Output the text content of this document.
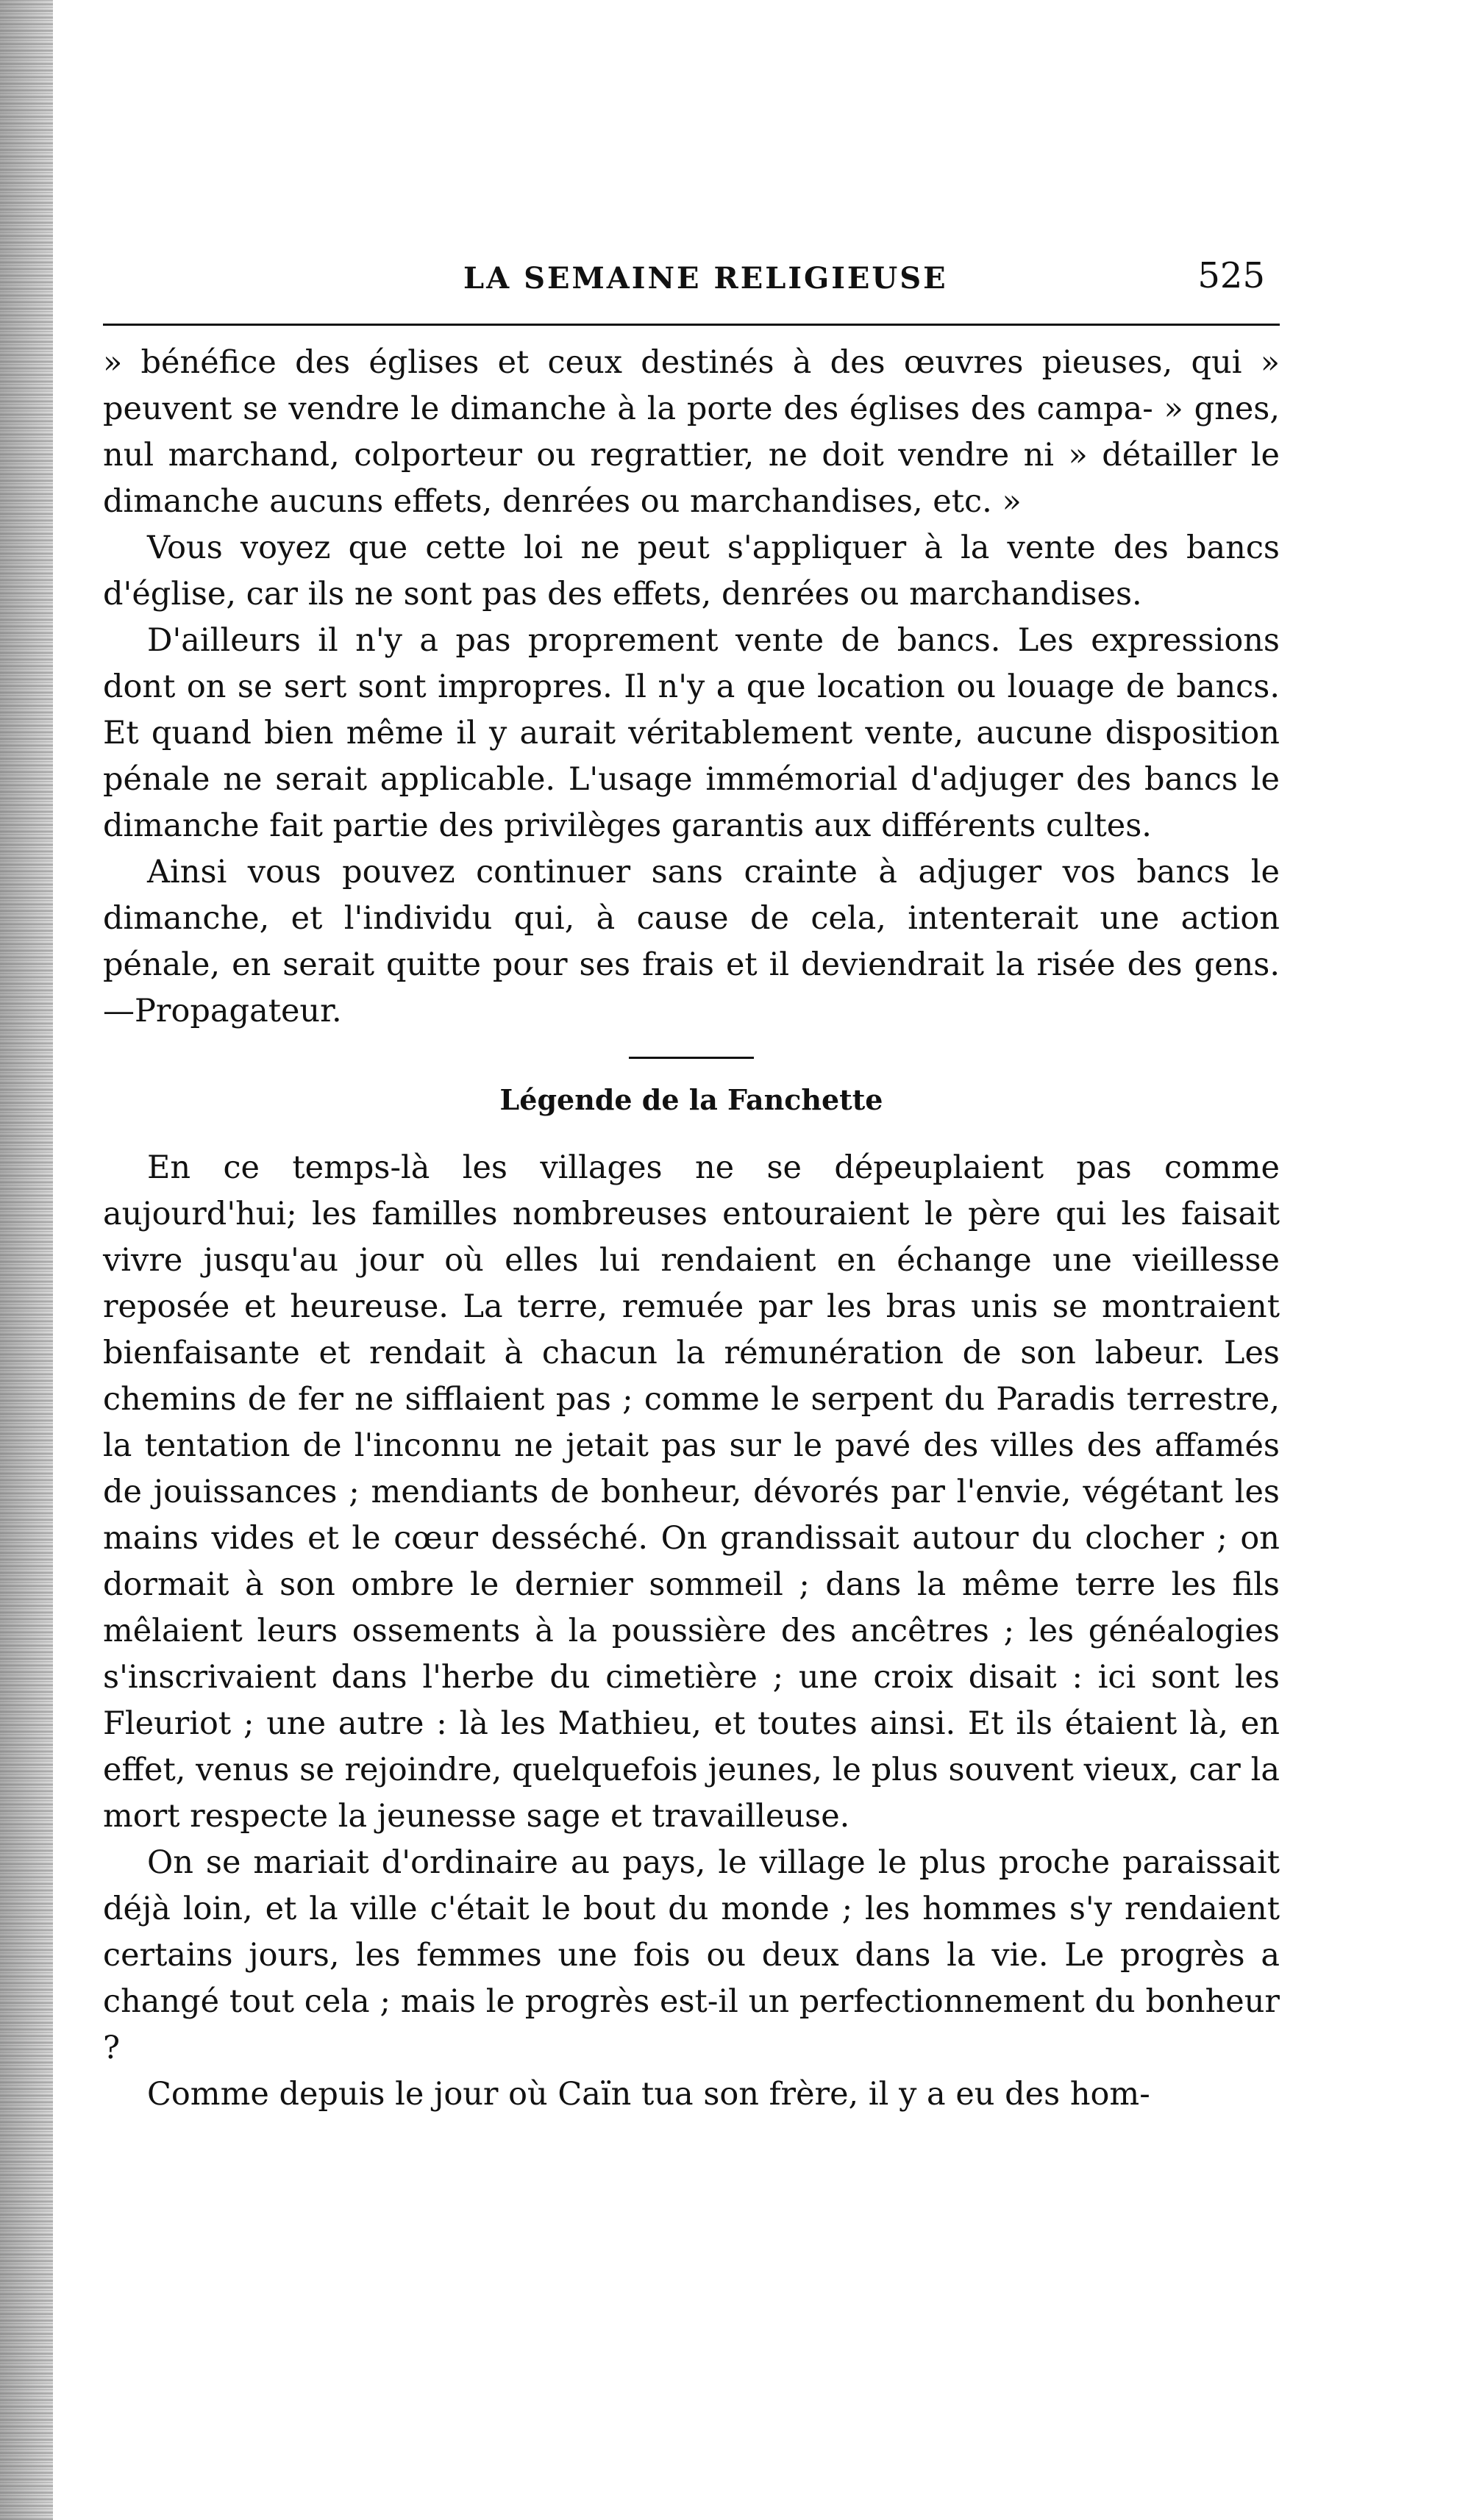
LA SEMAINE RELIGIEUSE	525

» bénéfice des églises et ceux destinés à des œuvres pieuses, qui » peuvent se vendre le dimanche à la porte des églises des campa- » gnes, nul marchand, colporteur ou regrattier, ne doit vendre ni » détailler le dimanche aucuns effets, denrées ou marchandises, etc. »

Vous voyez que cette loi ne peut s'appliquer à la vente des bancs d'église, car ils ne sont pas des effets, denrées ou marchandises.

D'ailleurs il n'y a pas proprement vente de bancs. Les expressions dont on se sert sont impropres. Il n'y a que location ou louage de bancs. Et quand bien même il y aurait véritablement vente, aucune disposition pénale ne serait applicable. L'usage immémorial d'adjuger des bancs le dimanche fait partie des privilèges garantis aux différents cultes.

Ainsi vous pouvez continuer sans crainte à adjuger vos bancs le dimanche, et l'individu qui, à cause de cela, intenterait une action pénale, en serait quitte pour ses frais et il deviendrait la risée des gens.—Propagateur.

Légende de la Fanchette

En ce temps-là les villages ne se dépeuplaient pas comme aujourd'hui; les familles nombreuses entouraient le père qui les faisait vivre jusqu'au jour où elles lui rendaient en échange une vieillesse reposée et heureuse. La terre, remuée par les bras unis se montraient bienfaisante et rendait à chacun la rémunération de son labeur. Les chemins de fer ne sifflaient pas ; comme le serpent du Paradis terrestre, la tentation de l'inconnu ne jetait pas sur le pavé des villes des affamés de jouissances ; mendiants de bonheur, dévorés par l'envie, végétant les mains vides et le cœur desséché. On grandissait autour du clocher ; on dormait à son ombre le dernier sommeil ; dans la même terre les fils mêlaient leurs ossements à la poussière des ancêtres ; les généalogies s'inscrivaient dans l'herbe du cimetière ; une croix disait : ici sont les Fleuriot ; une autre : là les Mathieu, et toutes ainsi. Et ils étaient là, en effet, venus se rejoindre, quelquefois jeunes, le plus souvent vieux, car la mort respecte la jeunesse sage et travailleuse.

On se mariait d'ordinaire au pays, le village le plus proche paraissait déjà loin, et la ville c'était le bout du monde ; les hommes s'y rendaient certains jours, les femmes une fois ou deux dans la vie. Le progrès a changé tout cela ; mais le progrès est-il un perfectionnement du bonheur ?

Comme depuis le jour où Caïn tua son frère, il y a eu des hom-
